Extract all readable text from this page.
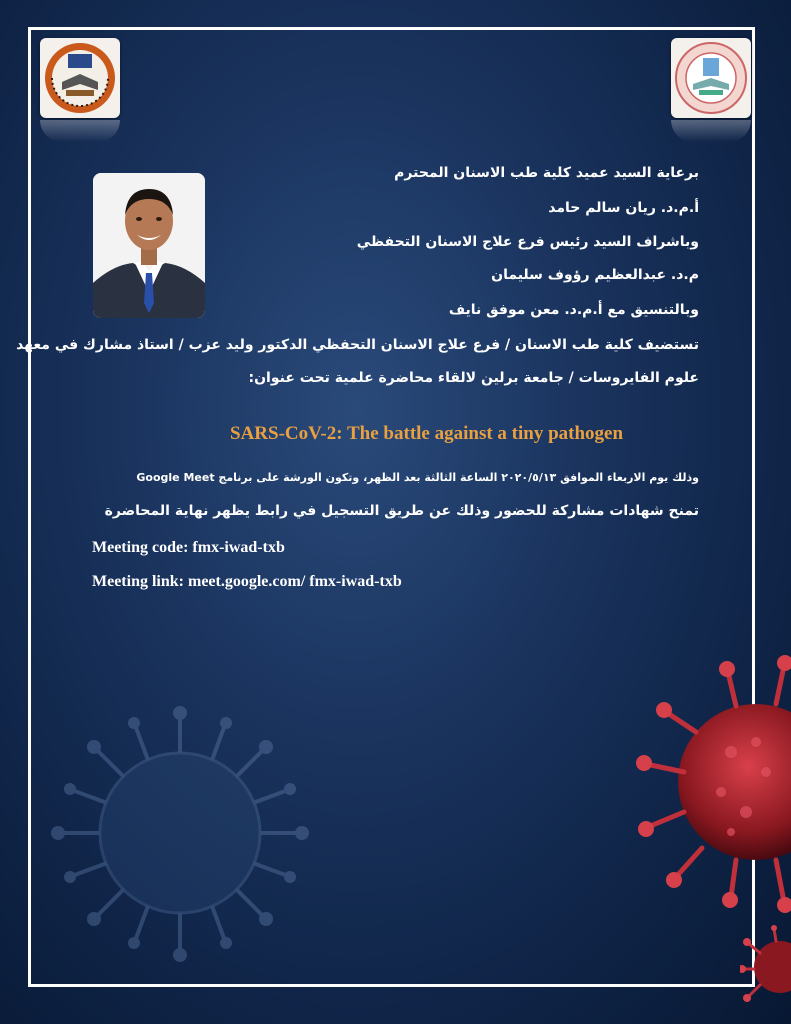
برعاية السيد عميد كلية طب الاسنان المحترم
أ.م.د. ريان سالم حامد
وباشراف السيد رئيس فرع علاج الاسنان التحفظي
م.د. عبدالعظيم رؤوف سليمان
وبالتنسيق مع أ.م.د. معن موفق نايف
تستضيف كلية طب الاسنان / فرع علاج الاسنان التحفظي الدكتور وليد عزب / استاذ مشارك في معهد
علوم الفايروسات / جامعة برلين لالقاء محاضرة علمية تحت عنوان:
SARS-CoV-2: The battle against a tiny pathogen
وذلك يوم الاربعاء الموافق ٢٠٢٠/٥/١٣ الساعة الثالثة بعد الظهر، وتكون الورشة على برنامج Google Meet
تمنح شهادات مشاركة للحضور وذلك عن طريق التسجيل في رابط يظهر نهاية المحاضرة
Meeting code: fmx-iwad-txb
Meeting link: meet.google.com/ fmx-iwad-txb
